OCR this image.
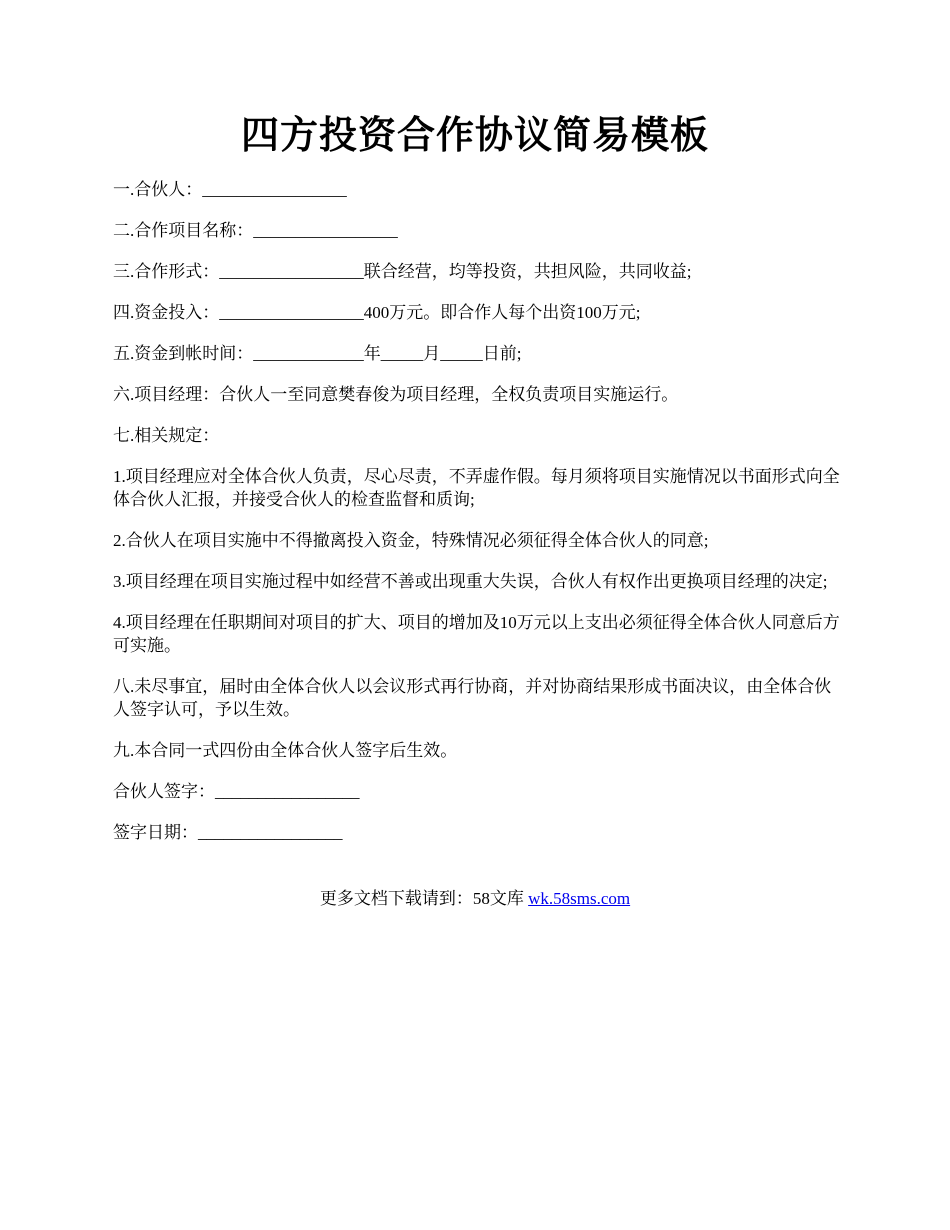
四方投资合作协议简易模板

一.合伙人：_________________

二.合作项目名称：_________________

三.合作形式：_________________联合经营，均等投资，共担风险，共同收益;

四.资金投入：_________________400万元。即合作人每个出资100万元;

五.资金到帐时间：_____________年_____月_____日前;

六.项目经理：合伙人一至同意樊春俊为项目经理，全权负责项目实施运行。

七.相关规定：

1.项目经理应对全体合伙人负责，尽心尽责，不弄虚作假。每月须将项目实施情况以书面形式向全体合伙人汇报，并接受合伙人的检查监督和质询;

2.合伙人在项目实施中不得撤离投入资金，特殊情况必须征得全体合伙人的同意;

3.项目经理在项目实施过程中如经营不善或出现重大失误，合伙人有权作出更换项目经理的决定;

4.项目经理在任职期间对项目的扩大、项目的增加及10万元以上支出必须征得全体合伙人同意后方可实施。

八.未尽事宜，届时由全体合伙人以会议形式再行协商，并对协商结果形成书面决议，由全体合伙人签字认可，予以生效。

九.本合同一式四份由全体合伙人签字后生效。

合伙人签字：_________________

签字日期：_________________

更多文档下载请到：58文库 wk.58sms.com
